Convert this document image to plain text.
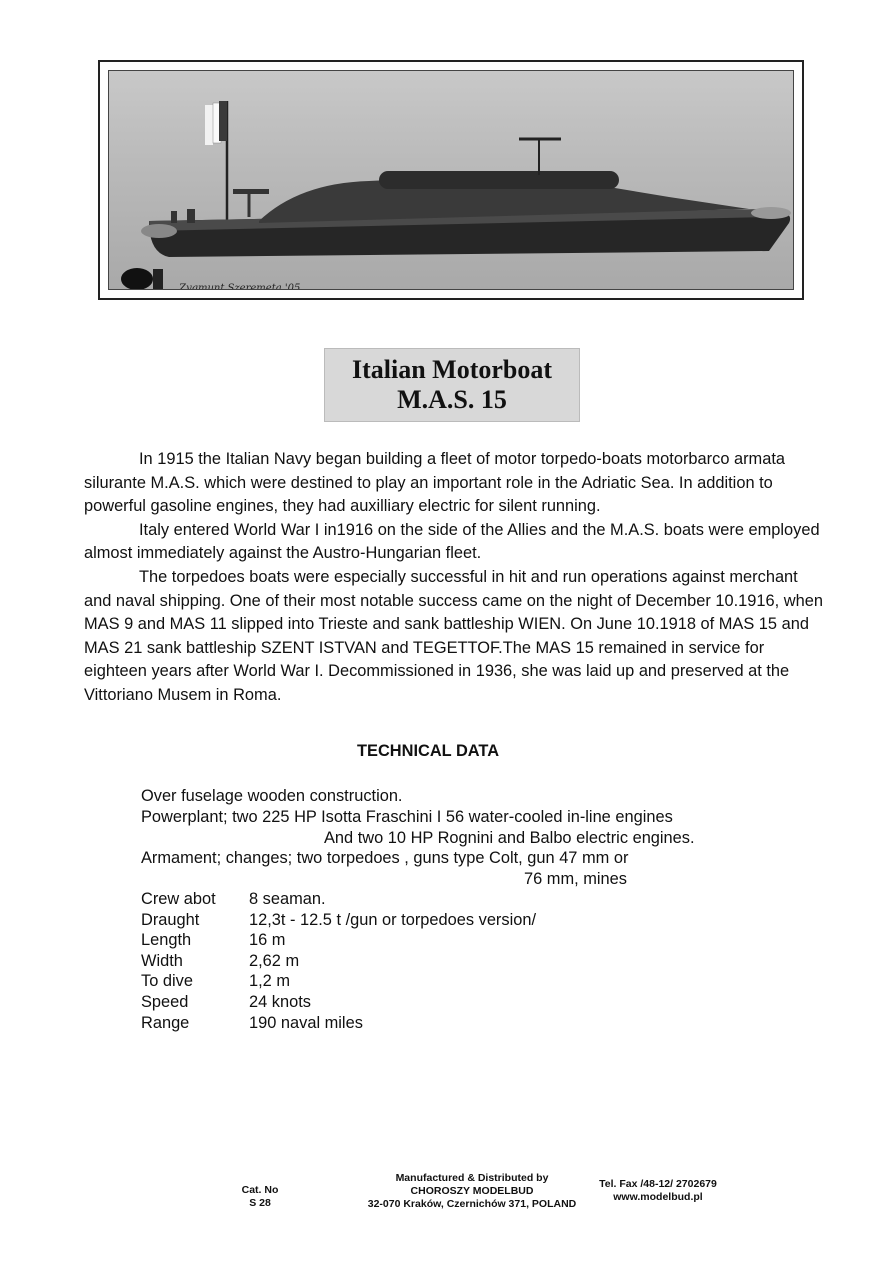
Zygmunt Szeremeta '05
Italian Motorboat
M.A.S. 15

In 1915 the Italian Navy began building a fleet of motor torpedo-boats motorbarco armata silurante M.A.S. which were destined to play an important role in the Adriatic Sea. In addition to powerful gasoline engines, they had auxilliary electric for silent running.

Italy entered World War I in1916 on the side of the Allies and the M.A.S. boats were employed almost immediately against the Austro-Hungarian fleet.

The torpedoes boats were especially successful in hit and run operations against merchant and naval shipping. One of their most notable success came on the night of December 10.1916, when MAS 9 and MAS 11 slipped into Trieste and sank battleship WIEN. On June 10.1918 of MAS 15 and MAS 21 sank battleship SZENT ISTVAN and TEGETTOF.The MAS 15 remained in service for eighteen years after World War I. Decommissioned in 1936, she was laid up and preserved at the Vittoriano Musem in Roma.

TECHNICAL DATA
Over fuselage wooden construction.
Powerplant; two 225 HP Isotta Fraschini I 56 water-cooled in-line engines
And two 10 HP Rognini and Balbo electric engines.
Armament; changes; two torpedoes , guns type Colt, gun 47 mm or
76 mm, mines
Crew abot	8 seaman.
Draught	12,3t - 12.5 t /gun or torpedoes version/
Length	16 m
Width	2,62 m
To dive	1,2 m
Speed	24 knots
Range	190 naval miles
Cat. No
S 28
Manufactured & Distributed by
CHOROSZY MODELBUD
32-070 Kraków, Czernichów 371, POLAND
Tel. Fax /48-12/ 2702679
www.modelbud.pl
